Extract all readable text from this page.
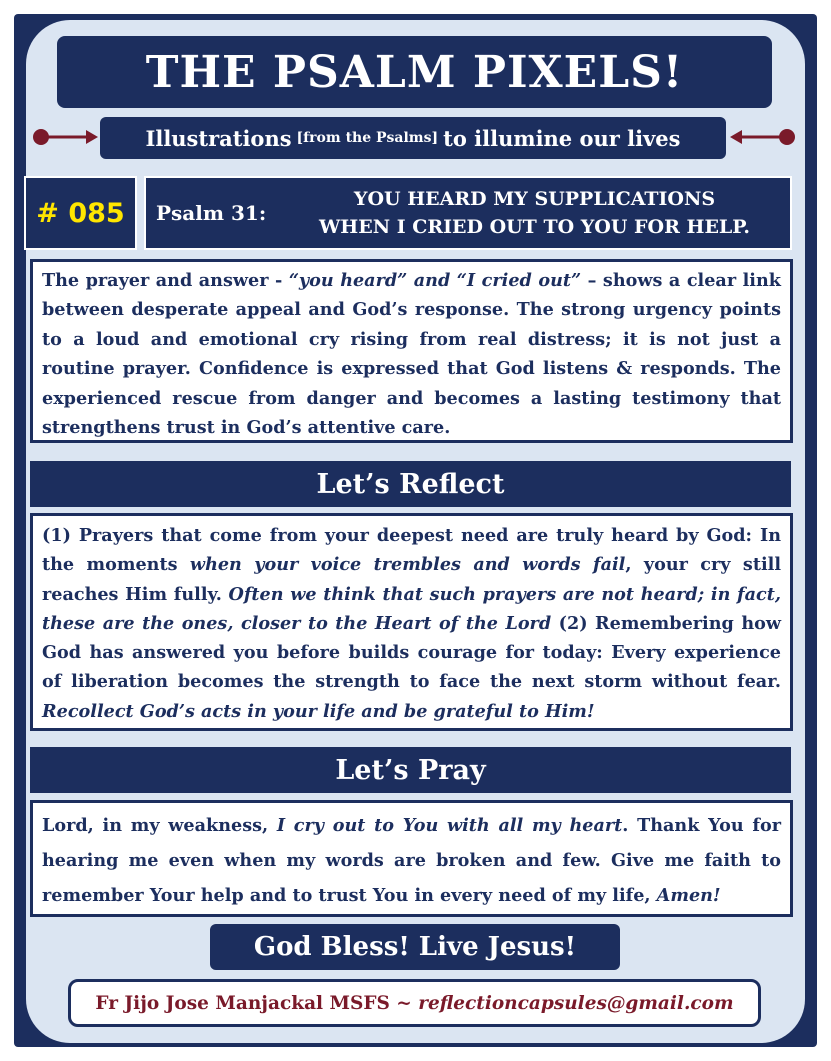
THE PSALM PIXELS!
Illustrations [from the Psalms] to illumine our lives
# 085	Psalm 31:
YOU HEARD MY SUPPLICATIONS
WHEN I CRIED OUT TO YOU FOR HELP.

The prayer and answer - “you heard” and “I cried out” – shows a clear link between desperate appeal and God’s response. The strong urgency points to a loud and emotional cry rising from real distress; it is not just a routine prayer. Confidence is expressed that God listens & responds. The experienced rescue from danger and becomes a lasting testimony that strengthens trust in God’s attentive care.

Let’s Reflect

(1) Prayers that come from your deepest need are truly heard by God: In the moments when your voice trembles and words fail, your cry still reaches Him fully. Often we think that such prayers are not heard; in fact, these are the ones, closer to the Heart of the Lord (2) Remembering how God has answered you before builds courage for today: Every experience of liberation becomes the strength to face the next storm without fear. Recollect God’s acts in your life and be grateful to Him!

Let’s Pray

Lord, in my weakness, I cry out to You with all my heart. Thank You for hearing me even when my words are broken and few. Give me faith to remember Your help and to trust You in every need of my life, Amen!

God Bless! Live Jesus!
Fr Jijo Jose Manjackal MSFS ~
reflectioncapsules@gmail.com
